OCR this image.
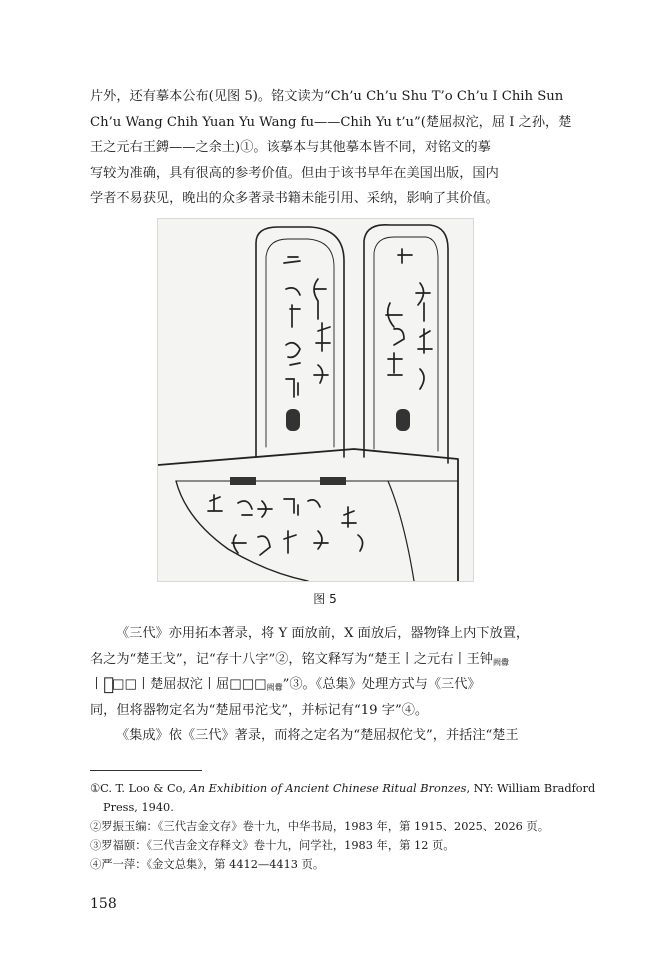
片外，还有摹本公布(见图 5)。铭文读为“Ch’u Ch’u Shu T’o Ch’u I Chih Sun
Ch’u Wang Chih Yuan Yu Wang fu——Chih Yu t’u”(楚屈叔沱，屈 I 之孙，楚
王之元右王鎛——之余土)①。该摹本与其他摹本皆不同，对铭文的摹
写较为准确，具有很高的参考价值。但由于该书早年在美国出版，国内
学者不易获见，晚出的众多著录书籍未能引用、采纳，影响了其价值。
图 5
《三代》亦用拓本著录，将 Y 面放前，X 面放后，器物锋上内下放置，
名之为“楚王戈”，记“存十八字”②，铭文释写为“楚王丨之元右丨王钟阙釁
丨𤕨□□丨楚屈叔沱丨屈□□□阙釁”③。《总集》处理方式与《三代》
同，但将器物定名为“楚屈弔沱戈”，并标记有“19 字”④。
《集成》依《三代》著录，而将之定名为“楚屈叔佗戈”，并括注“楚王
①C. T. Loo & Co, An Exhibition of Ancient Chinese Ritual Bronzes, NY: William Bradford
Press, 1940.
②罗振玉编：《三代吉金文存》卷十九，中华书局，1983 年，第 1915、2025、2026 页。
③罗福颐：《三代吉金文存释文》卷十九，问学社，1983 年，第 12 页。
④严一萍：《金文总集》，第 4412—4413 页。
158
